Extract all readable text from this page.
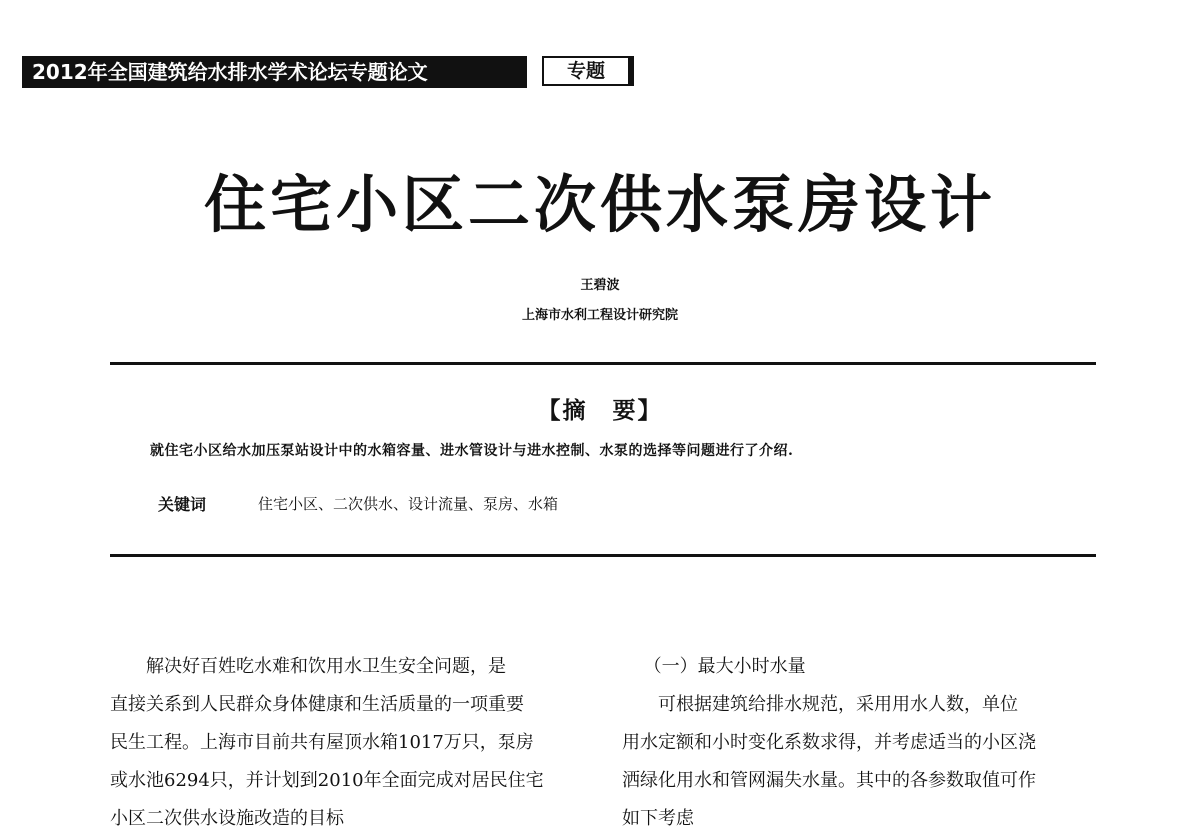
2012年全国建筑给水排水学术论坛专题论文	专题
住宅小区二次供水泵房设计
王碧波
上海市水利工程设计研究院
【摘　要】
就住宅小区给水加压泵站设计中的水箱容量、进水管设计与进水控制、水泵的选择等问题进行了介绍.
关键词	住宅小区、二次供水、设计流量、泵房、水箱

解决好百姓吃水难和饮用水卫生安全问题，是

直接关系到人民群众身体健康和生活质量的一项重要

民生工程。上海市目前共有屋顶水箱1017万只，泵房

或水池6294只，并计划到2010年全面完成对居民住宅

小区二次供水设施改造的目标

（一）最大小时水量

可根据建筑给排水规范，采用用水人数，单位

用水定额和小时变化系数求得，并考虑适当的小区浇

洒绿化用水和管网漏失水量。其中的各参数取值可作

如下考虑
